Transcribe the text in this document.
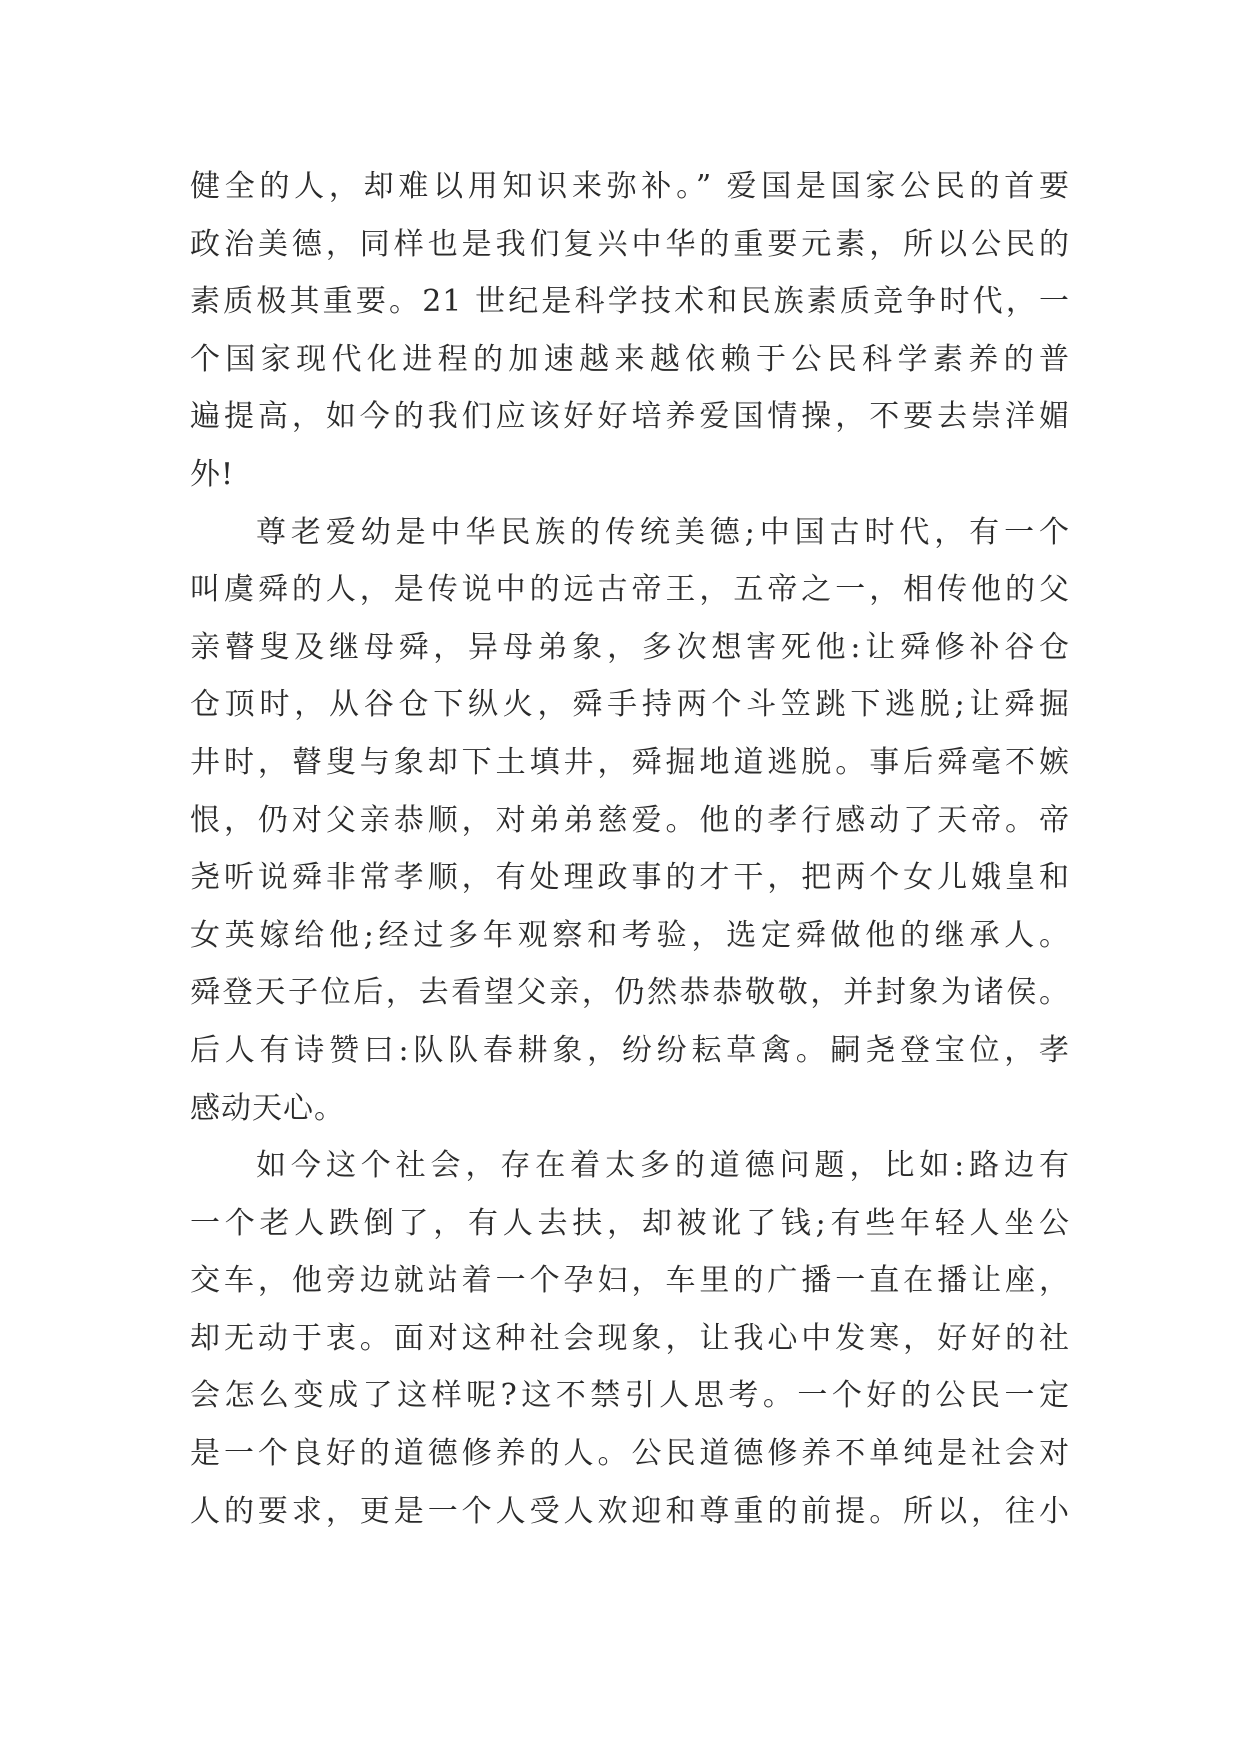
健全的人，却难以用知识来弥补。” 爱国是国家公民的首要
政治美德，同样也是我们复兴中华的重要元素，所以公民的
素质极其重要。21 世纪是科学技术和民族素质竞争时代，一
个国家现代化进程的加速越来越依赖于公民科学素养的普
遍提高，如今的我们应该好好培养爱国情操，不要去崇洋媚
外!
尊老爱幼是中华民族的传统美德;中国古时代，有一个
叫虞舜的人，是传说中的远古帝王，五帝之一，相传他的父
亲瞽叟及继母舜，异母弟象，多次想害死他:让舜修补谷仓
仓顶时，从谷仓下纵火，舜手持两个斗笠跳下逃脱;让舜掘
井时，瞽叟与象却下土填井，舜掘地道逃脱。事后舜毫不嫉
恨，仍对父亲恭顺，对弟弟慈爱。他的孝行感动了天帝。帝
尧听说舜非常孝顺，有处理政事的才干，把两个女儿娥皇和
女英嫁给他;经过多年观察和考验，选定舜做他的继承人。
舜登天子位后，去看望父亲，仍然恭恭敬敬，并封象为诸侯。
后人有诗赞曰:队队春耕象，纷纷耘草禽。嗣尧登宝位，孝
感动天心。
如今这个社会，存在着太多的道德问题，比如:路边有
一个老人跌倒了，有人去扶，却被讹了钱;有些年轻人坐公
交车，他旁边就站着一个孕妇，车里的广播一直在播让座，
却无动于衷。面对这种社会现象，让我心中发寒，好好的社
会怎么变成了这样呢?这不禁引人思考。一个好的公民一定
是一个良好的道德修养的人。公民道德修养不单纯是社会对
人的要求，更是一个人受人欢迎和尊重的前提。所以，往小
